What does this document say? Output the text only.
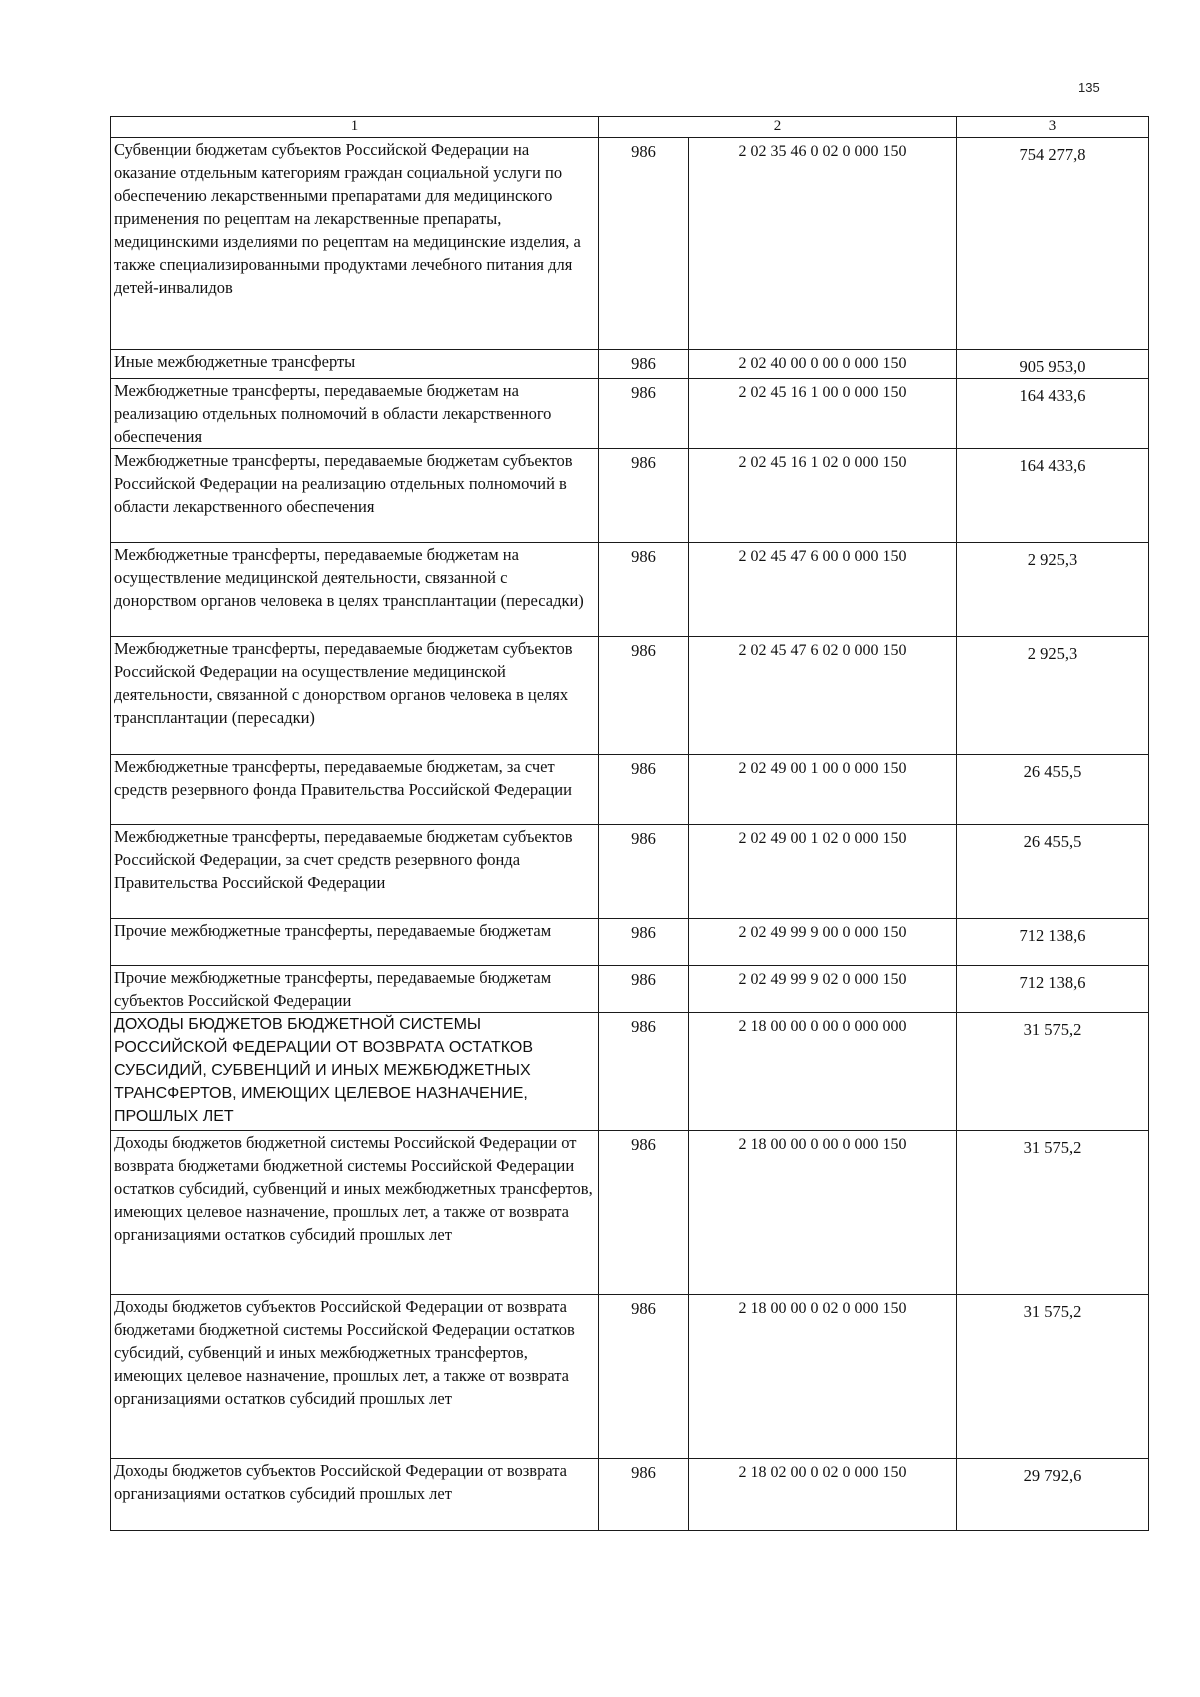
135
1	2		3
Субвенции бюджетам субъектов Российской Федерации на оказание отдельным категориям граждан социальной услуги по обеспечению лекарственными препаратами для медицинского применения по рецептам на лекарственные препараты, медицинскими изделиями по рецептам на медицинские изделия, а также специализированными продуктами лечебного питания для детей-инвалидов	986	2 02 35 46 0 02 0 000 150	754 277,8
Иные межбюджетные трансферты	986	2 02 40 00 0 00 0 000 150	905 953,0
Межбюджетные трансферты, передаваемые бюджетам на реализацию отдельных полномочий в области лекарственного обеспечения	986	2 02 45 16 1 00 0 000 150	164 433,6
Межбюджетные трансферты, передаваемые бюджетам субъектов Российской Федерации на реализацию отдельных полномочий в области лекарственного обеспечения	986	2 02 45 16 1 02 0 000 150	164 433,6
Межбюджетные трансферты, передаваемые бюджетам на осуществление медицинской деятельности, связанной с донорством органов человека в целях трансплантации (пересадки)	986	2 02 45 47 6 00 0 000 150	2 925,3
Межбюджетные трансферты, передаваемые бюджетам субъектов Российской Федерации на осуществление медицинской деятельности, связанной с донорством органов человека в целях трансплантации (пересадки)	986	2 02 45 47 6 02 0 000 150	2 925,3
Межбюджетные трансферты, передаваемые бюджетам, за счет средств резервного фонда Правительства Российской Федерации	986	2 02 49 00 1 00 0 000 150	26 455,5
Межбюджетные трансферты, передаваемые бюджетам субъектов Российской Федерации, за счет средств резервного фонда Правительства Российской Федерации	986	2 02 49 00 1 02 0 000 150	26 455,5
Прочие межбюджетные трансферты, передаваемые бюджетам	986	2 02 49 99 9 00 0 000 150	712 138,6
Прочие межбюджетные трансферты, передаваемые бюджетам субъектов Российской Федерации	986	2 02 49 99 9 02 0 000 150	712 138,6
ДОХОДЫ БЮДЖЕТОВ БЮДЖЕТНОЙ СИСТЕМЫ РОССИЙСКОЙ ФЕДЕРАЦИИ ОТ ВОЗВРАТА ОСТАТКОВ СУБСИДИЙ, СУБВЕНЦИЙ И ИНЫХ МЕЖБЮДЖЕТНЫХ ТРАНСФЕРТОВ, ИМЕЮЩИХ ЦЕЛЕВОЕ НАЗНАЧЕНИЕ, ПРОШЛЫХ ЛЕТ	986	2 18 00 00 0 00 0 000 000	31 575,2
Доходы бюджетов бюджетной системы Российской Федерации от возврата бюджетами бюджетной системы Российской Федерации остатков субсидий, субвенций и иных межбюджетных трансфертов, имеющих целевое назначение, прошлых лет, а также от возврата организациями остатков субсидий прошлых лет	986	2 18 00 00 0 00 0 000 150	31 575,2
Доходы бюджетов субъектов Российской Федерации от возврата бюджетами бюджетной системы Российской Федерации остатков субсидий, субвенций и иных межбюджетных трансфертов, имеющих целевое назначение, прошлых лет, а также от возврата организациями остатков субсидий прошлых лет	986	2 18 00 00 0 02 0 000 150	31 575,2
Доходы бюджетов субъектов Российской Федерации от возврата организациями остатков субсидий прошлых лет	986	2 18 02 00 0 02 0 000 150	29 792,6
